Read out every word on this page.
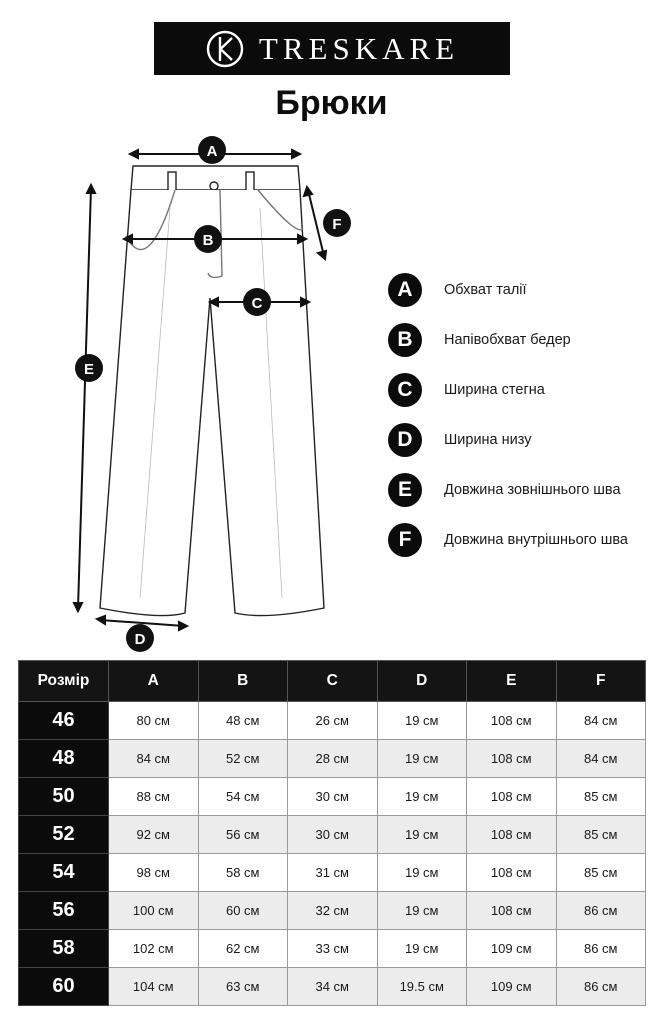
TRESKARE
Брюки
A
B
C
D
E
F
A	Обхват талії
B	Напівобхват бедер
C	Ширина стегна
D	Ширина низу
E	Довжина зовнішнього шва
F	Довжина внутрішнього шва
Розмір	A	B	C	D	E	F
46	80 см	48 см	26 см	19 см	108 см	84 см
48	84 см	52 см	28 см	19 см	108 см	84 см
50	88 см	54 см	30 см	19 см	108 см	85 см
52	92 см	56 см	30 см	19 см	108 см	85 см
54	98 см	58 см	31 см	19 см	108 см	85 см
56	100 см	60 см	32 см	19 см	108 см	86 см
58	102 см	62 см	33 см	19 см	109 см	86 см
60	104 см	63 см	34 см	19.5 см	109 см	86 см
